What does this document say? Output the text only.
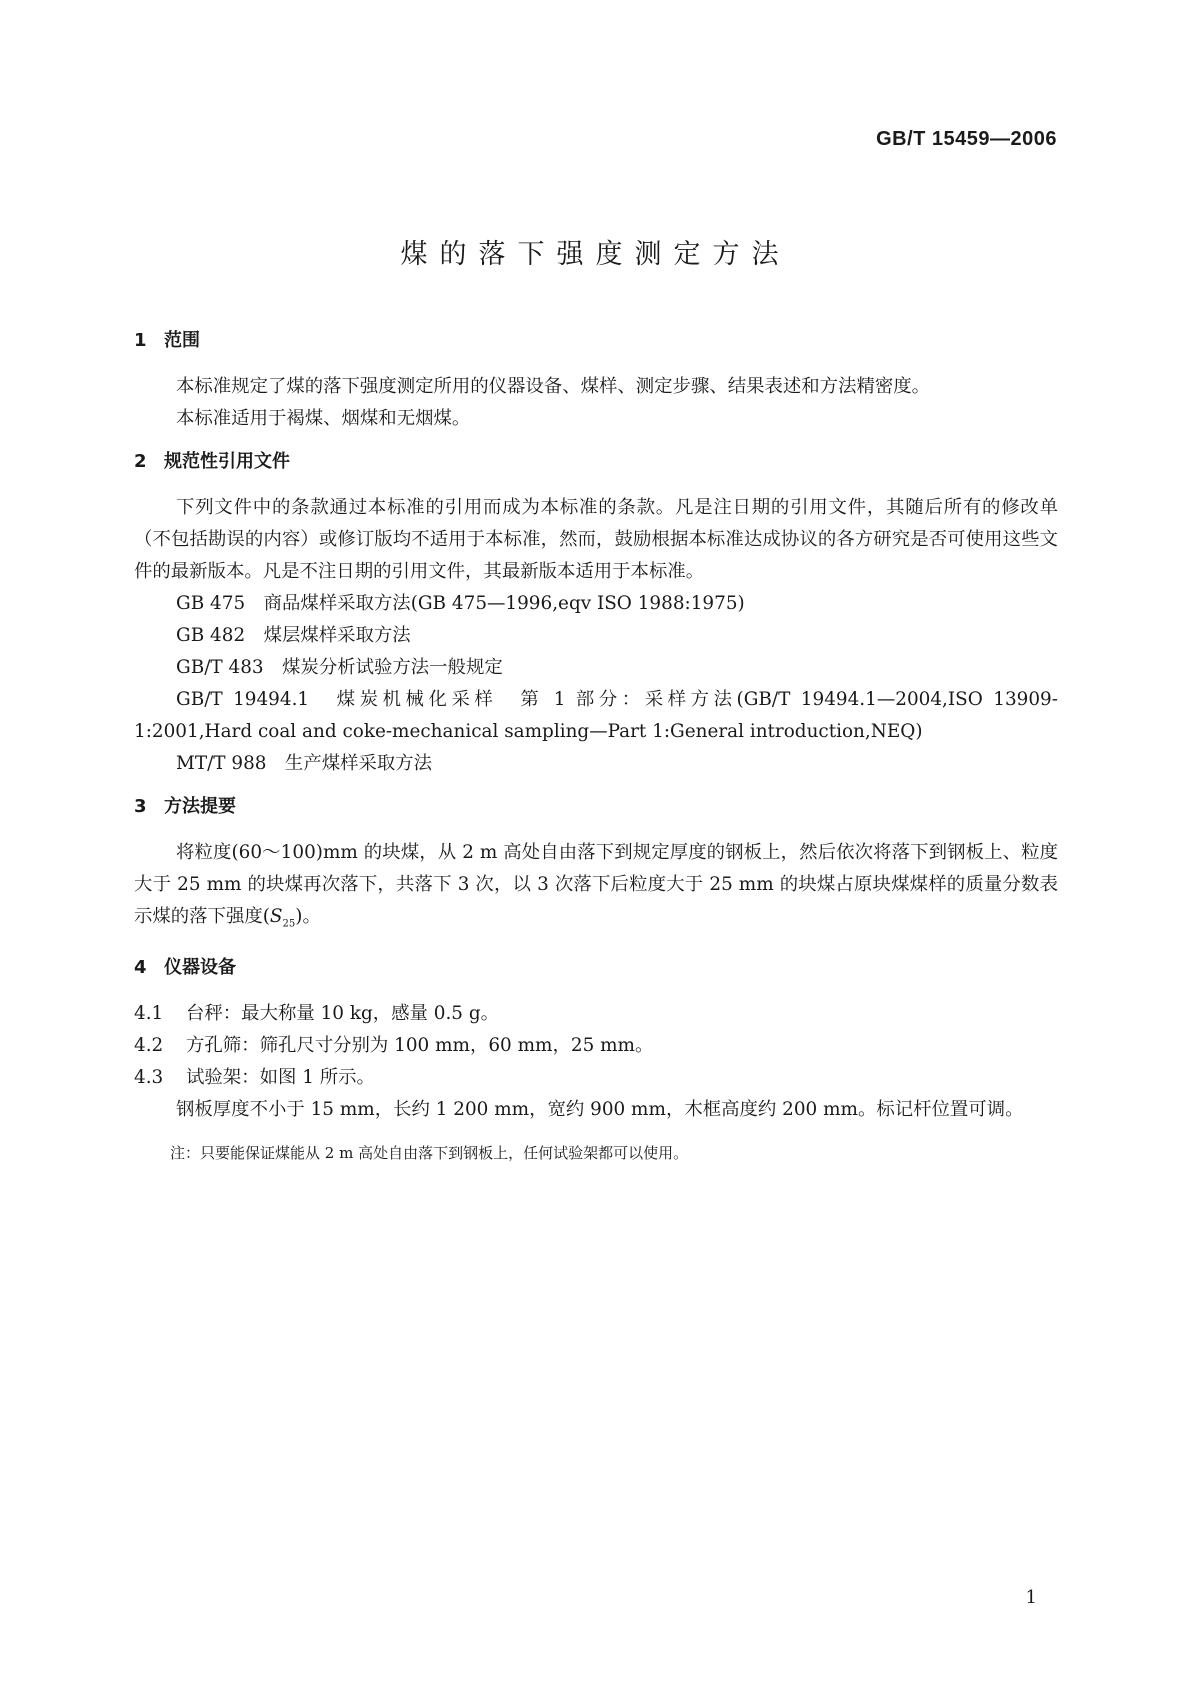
GB/T 15459—2006
煤的落下强度测定方法
1 范围

本标准规定了煤的落下强度测定所用的仪器设备、煤样、测定步骤、结果表述和方法精密度。

本标准适用于褐煤、烟煤和无烟煤。

2 规范性引用文件

下列文件中的条款通过本标准的引用而成为本标准的条款。凡是注日期的引用文件，其随后所有的修改单（不包括勘误的内容）或修订版均不适用于本标准，然而，鼓励根据本标准达成协议的各方研究是否可使用这些文件的最新版本。凡是不注日期的引用文件，其最新版本适用于本标准。

GB 475　 商品煤样采取方法(GB 475—1996,eqv ISO 1988:1975)

GB 482　 煤层煤样采取方法

GB/T 483　 煤炭分析试验方法一般规定

GB/T 19494.1　 煤炭机械化采样　第 1 部分：采样方法(GB/T 19494.1—2004,ISO 13909-1:2001,Hard coal and coke-mechanical sampling—Part 1:General introduction,NEQ)

MT/T 988　 生产煤样采取方法

3 方法提要

将粒度(60～100)mm 的块煤，从 2 m 高处自由落下到规定厚度的钢板上，然后依次将落下到钢板上、粒度大于 25 mm 的块煤再次落下，共落下 3 次，以 3 次落下后粒度大于 25 mm 的块煤占原块煤煤样的质量分数表示煤的落下强度$(S_{25})$。

4 仪器设备

4.1 台秤：最大称量 10 kg，感量 0.5 g。

4.2 方孔筛：筛孔尺寸分别为 100 mm，60 mm，25 mm。

4.3 试验架：如图 1 所示。

钢板厚度不小于 15 mm，长约 1 200 mm，宽约 900 mm，木框高度约 200 mm。标记杆位置可调。

注：只要能保证煤能从 2 m 高处自由落下到钢板上，任何试验架都可以使用。

1
